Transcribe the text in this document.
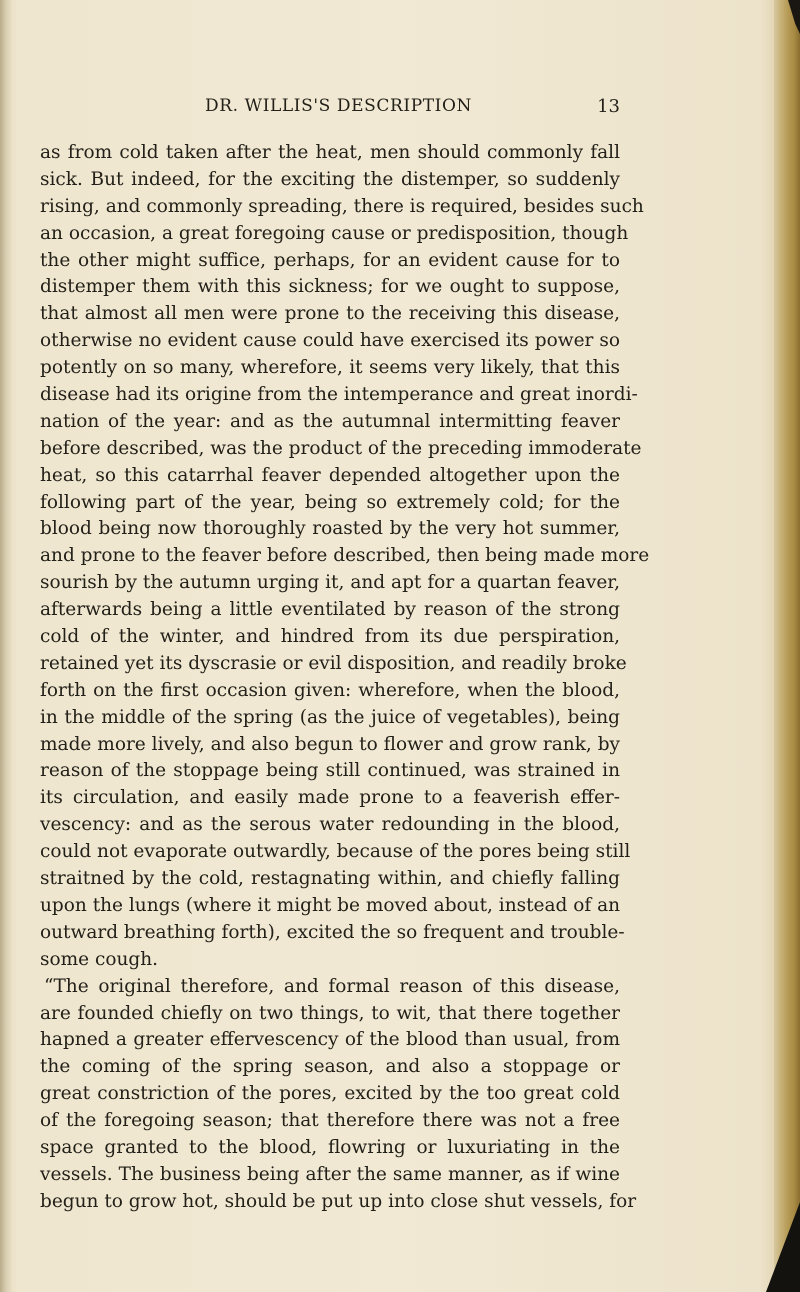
DR. WILLIS'S DESCRIPTION	13
as from cold taken after the heat, men should commonly fall
sick. But indeed, for the exciting the distemper, so suddenly
rising, and commonly spreading, there is required, besides such
an occasion, a great foregoing cause or predisposition, though
the other might suffice, perhaps, for an evident cause for to
distemper them with this sickness; for we ought to suppose,
that almost all men were prone to the receiving this disease,
otherwise no evident cause could have exercised its power so
potently on so many, wherefore, it seems very likely, that this
disease had its origine from the intemperance and great inordi-
nation of the year: and as the autumnal intermitting feaver
before described, was the product of the preceding immoderate
heat, so this catarrhal feaver depended altogether upon the
following part of the year, being so extremely cold; for the
blood being now thoroughly roasted by the very hot summer,
and prone to the feaver before described, then being made more
sourish by the autumn urging it, and apt for a quartan feaver,
afterwards being a little eventilated by reason of the strong
cold of the winter, and hindred from its due perspiration,
retained yet its dyscrasie or evil disposition, and readily broke
forth on the first occasion given: wherefore, when the blood,
in the middle of the spring (as the juice of vegetables), being
made more lively, and also begun to flower and grow rank, by
reason of the stoppage being still continued, was strained in
its circulation, and easily made prone to a feaverish effer-
vescency: and as the serous water redounding in the blood,
could not evaporate outwardly, because of the pores being still
straitned by the cold, restagnating within, and chiefly falling
upon the lungs (where it might be moved about, instead of an
outward breathing forth), excited the so frequent and trouble-
some cough.
“The original therefore, and formal reason of this disease,
are founded chiefly on two things, to wit, that there together
hapned a greater effervescency of the blood than usual, from
the coming of the spring season, and also a stoppage or
great constriction of the pores, excited by the too great cold
of the foregoing season; that therefore there was not a free
space granted to the blood, flowring or luxuriating in the
vessels. The business being after the same manner, as if wine
begun to grow hot, should be put up into close shut vessels, for
